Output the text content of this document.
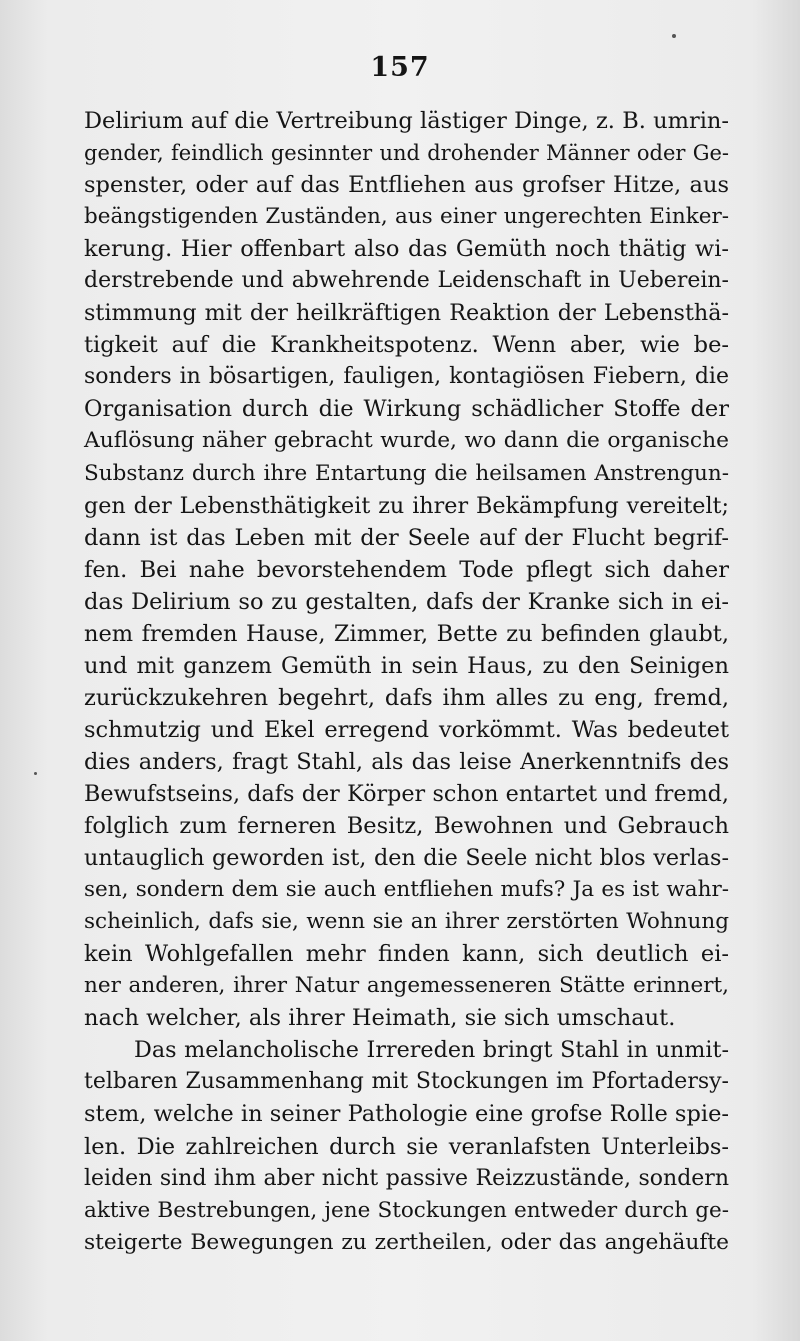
157
Delirium auf die Vertreibung lästiger Dinge, z. B. umrin-
gender, feindlich gesinnter und drohender Männer oder Ge-
spenster, oder auf das Entfliehen aus grofser Hitze, aus
beängstigenden Zuständen, aus einer ungerechten Einker-
kerung. Hier offenbart also das Gemüth noch thätig wi-
derstrebende und abwehrende Leidenschaft in Ueberein-
stimmung mit der heilkräftigen Reaktion der Lebensthä-
tigkeit auf die Krankheitspotenz. Wenn aber, wie be-
sonders in bösartigen, fauligen, kontagiösen Fiebern, die
Organisation durch die Wirkung schädlicher Stoffe der
Auflösung näher gebracht wurde, wo dann die organische
Substanz durch ihre Entartung die heilsamen Anstrengun-
gen der Lebensthätigkeit zu ihrer Bekämpfung vereitelt;
dann ist das Leben mit der Seele auf der Flucht begrif-
fen. Bei nahe bevorstehendem Tode pflegt sich daher
das Delirium so zu gestalten, dafs der Kranke sich in ei-
nem fremden Hause, Zimmer, Bette zu befinden glaubt,
und mit ganzem Gemüth in sein Haus, zu den Seinigen
zurückzukehren begehrt, dafs ihm alles zu eng, fremd,
schmutzig und Ekel erregend vorkömmt. Was bedeutet
dies anders, fragt Stahl, als das leise Anerkenntnifs des
Bewufstseins, dafs der Körper schon entartet und fremd,
folglich zum ferneren Besitz, Bewohnen und Gebrauch
untauglich geworden ist, den die Seele nicht blos verlas-
sen, sondern dem sie auch entfliehen mufs? Ja es ist wahr-
scheinlich, dafs sie, wenn sie an ihrer zerstörten Wohnung
kein Wohlgefallen mehr finden kann, sich deutlich ei-
ner anderen, ihrer Natur angemesseneren Stätte erinnert,
nach welcher, als ihrer Heimath, sie sich umschaut.
Das melancholische Irrereden bringt Stahl in unmit-
telbaren Zusammenhang mit Stockungen im Pfortadersy-
stem, welche in seiner Pathologie eine grofse Rolle spie-
len. Die zahlreichen durch sie veranlafsten Unterleibs-
leiden sind ihm aber nicht passive Reizzustände, sondern
aktive Bestrebungen, jene Stockungen entweder durch ge-
steigerte Bewegungen zu zertheilen, oder das angehäufte
